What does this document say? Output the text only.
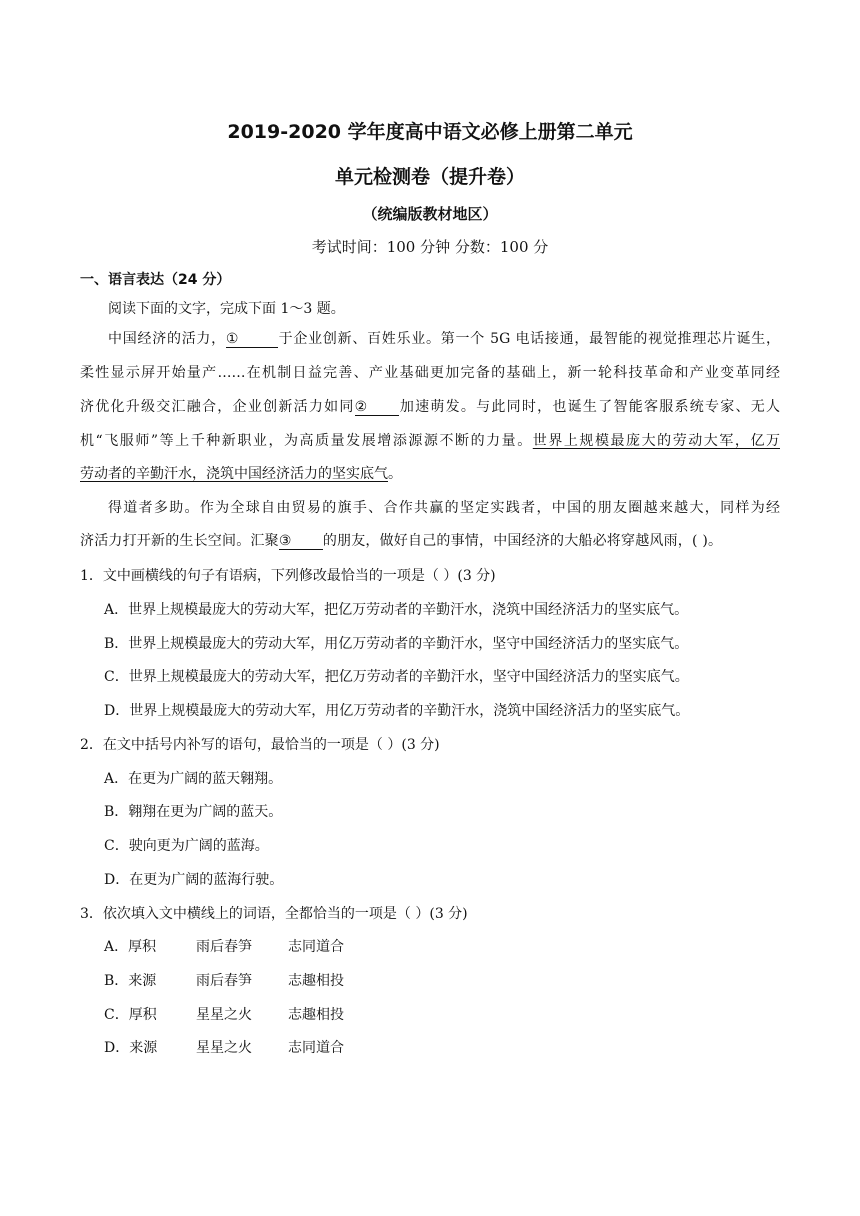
2019-2020 学年度高中语文必修上册第二单元
单元检测卷（提升卷）
（统编版教材地区）
考试时间：100 分钟 分数：100 分
一、语言表达（24 分）
阅读下面的文字，完成下面 1～3 题。
中国经济的活力，①	于企业创新、百姓乐业。第一个 5G 电话接通，最智能的视觉推理芯片诞生，
柔性显示屏开始量产……在机制日益完善、产业基础更加完备的基础上，新一轮科技革命和产业变革同经
济优化升级交汇融合，企业创新活力如同② 加速萌发。与此同时，也诞生了智能客服系统专家、无人
机“飞服师”等上千种新职业，为高质量发展增添源源不断的力量。世界上规模最庞大的劳动大军，亿万
劳动者的辛勤汗水，浇筑中国经济活力的坚实底气。
得道者多助。作为全球自由贸易的旗手、合作共赢的坚定实践者，中国的朋友圈越来越大，同样为经
济活力打开新的生长空间。汇聚③ 的朋友，做好自己的事情，中国经济的大船必将穿越风雨，( )。
1．文中画横线的句子有语病，下列修改最恰当的一项是（ ）(3 分)
A．世界上规模最庞大的劳动大军，把亿万劳动者的辛勤汗水，浇筑中国经济活力的坚实底气。
B．世界上规模最庞大的劳动大军，用亿万劳动者的辛勤汗水，坚守中国经济活力的坚实底气。
C．世界上规模最庞大的劳动大军，把亿万劳动者的辛勤汗水，坚守中国经济活力的坚实底气。
D．世界上规模最庞大的劳动大军，用亿万劳动者的辛勤汗水，浇筑中国经济活力的坚实底气。
2．在文中括号内补写的语句，最恰当的一项是（ ）(3 分)
A．在更为广阔的蓝天翱翔。
B．翱翔在更为广阔的蓝天。
C．驶向更为广阔的蓝海。
D．在更为广阔的蓝海行驶。
3．依次填入文中横线上的词语，全都恰当的一项是（ ）(3 分)
A．厚积	雨后春笋	志同道合
B．来源	雨后春笋	志趣相投
C．厚积	星星之火	志趣相投
D．来源	星星之火	志同道合
